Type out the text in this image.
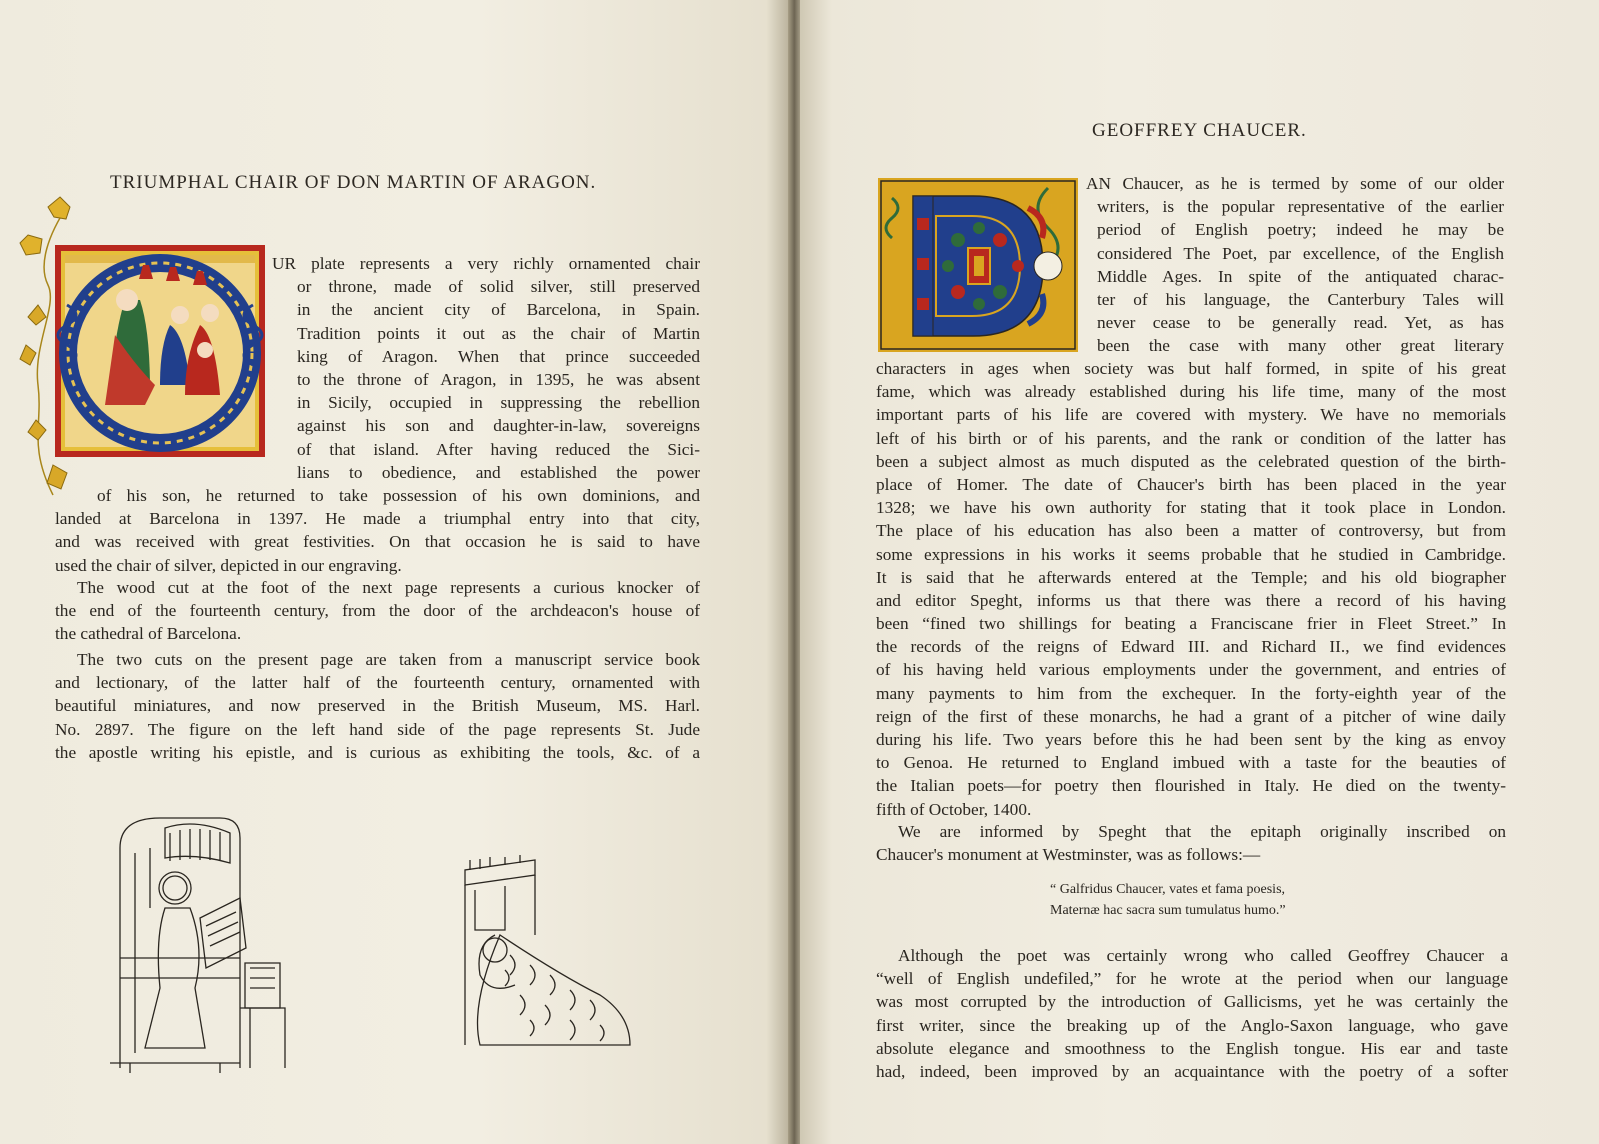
TRIUMPHAL CHAIR OF DON MARTIN OF ARAGON.
UR plate represents a very richly ornamented chair
or throne, made of solid silver, still preserved
in the ancient city of Barcelona, in Spain.
Tradition points it out as the chair of Martin
king of Aragon. When that prince succeeded
to the throne of Aragon, in 1395, he was absent
in Sicily, occupied in suppressing the rebellion
against his son and daughter-in-law, sovereigns
of that island. After having reduced the Sici-
lians to obedience, and established the power
of his son, he returned to take possession of his own dominions, and
landed at Barcelona in 1397. He made a triumphal entry into that city,
and was received with great festivities. On that occasion he is said to have
used the chair of silver, depicted in our engraving.
The wood cut at the foot of the next page represents a curious knocker of
the end of the fourteenth century, from the door of the archdeacon's house of
the cathedral of Barcelona.
The two cuts on the present page are taken from a manuscript service book
and lectionary, of the latter half of the fourteenth century, ornamented with
beautiful miniatures, and now preserved in the British Museum, MS. Harl.
No. 2897. The figure on the left hand side of the page represents St. Jude
the apostle writing his epistle, and is curious as exhibiting the tools, &c. of a
GEOFFREY CHAUCER.
AN Chaucer, as he is termed by some of our older
writers, is the popular representative of the earlier
period of English poetry; indeed he may be
considered The Poet, par excellence, of the English
Middle Ages. In spite of the antiquated charac-
ter of his language, the Canterbury Tales will
never cease to be generally read. Yet, as has
been the case with many other great literary
characters in ages when society was but half formed, in spite of his great
fame, which was already established during his life time, many of the most
important parts of his life are covered with mystery. We have no memorials
left of his birth or of his parents, and the rank or condition of the latter has
been a subject almost as much disputed as the celebrated question of the birth-
place of Homer. The date of Chaucer's birth has been placed in the year
1328; we have his own authority for stating that it took place in London.
The place of his education has also been a matter of controversy, but from
some expressions in his works it seems probable that he studied in Cambridge.
It is said that he afterwards entered at the Temple; and his old biographer
and editor Speght, informs us that there was there a record of his having
been “fined two shillings for beating a Franciscane frier in Fleet Street.” In
the records of the reigns of Edward III. and Richard II., we find evidences
of his having held various employments under the government, and entries of
many payments to him from the exchequer. In the forty-eighth year of the
reign of the first of these monarchs, he had a grant of a pitcher of wine daily
during his life. Two years before this he had been sent by the king as envoy
to Genoa. He returned to England imbued with a taste for the beauties of
the Italian poets—for poetry then flourished in Italy. He died on the twenty-
fifth of October, 1400.
We are informed by Speght that the epitaph originally inscribed on
Chaucer's monument at Westminster, was as follows:—
“ Galfridus Chaucer, vates et fama poesis,
Maternæ hac sacra sum tumulatus humo.”
Although the poet was certainly wrong who called Geoffrey Chaucer a
“well of English undefiled,” for he wrote at the period when our language
was most corrupted by the introduction of Gallicisms, yet he was certainly the
first writer, since the breaking up of the Anglo-Saxon language, who gave
absolute elegance and smoothness to the English tongue. His ear and taste
had, indeed, been improved by an acquaintance with the poetry of a softer
